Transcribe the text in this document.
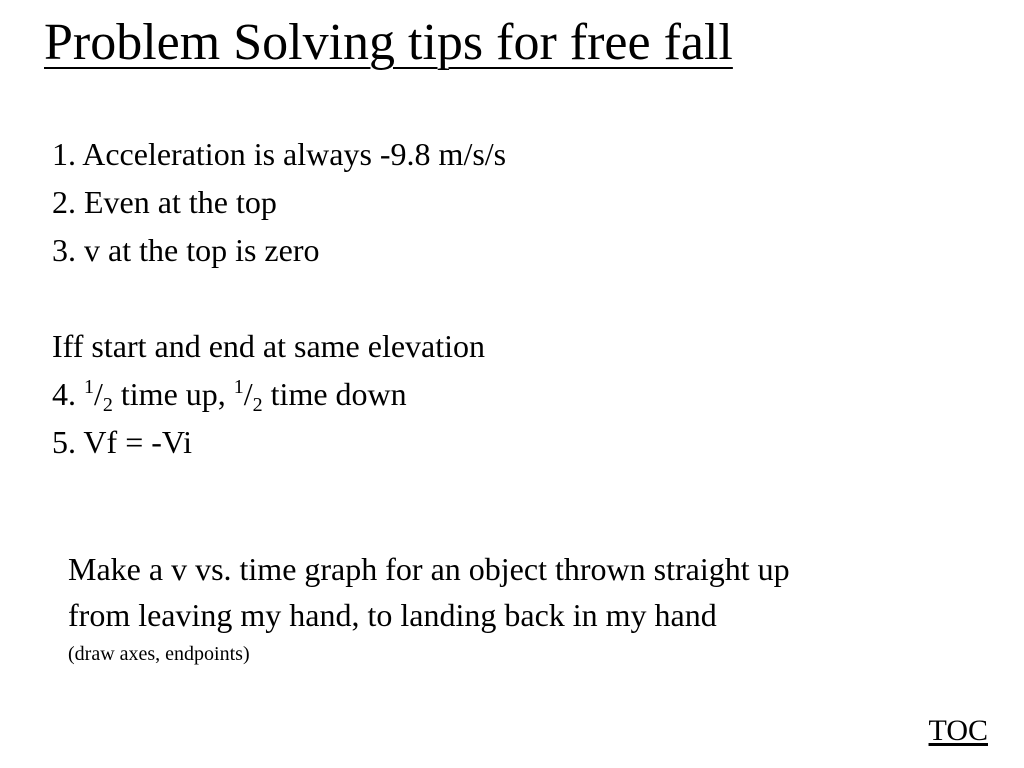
Problem Solving tips for free fall
1. Acceleration is always -9.8 m/s/s
2. Even at the top
3. v at the top is zero
Iff start and end at same elevation
4. $^1/_2$ time up, $^1/_2$ time down
5. Vf = -Vi
Make a v vs. time graph for an object thrown straight up
from leaving my hand, to landing back in my hand
(draw axes, endpoints)
TOC
